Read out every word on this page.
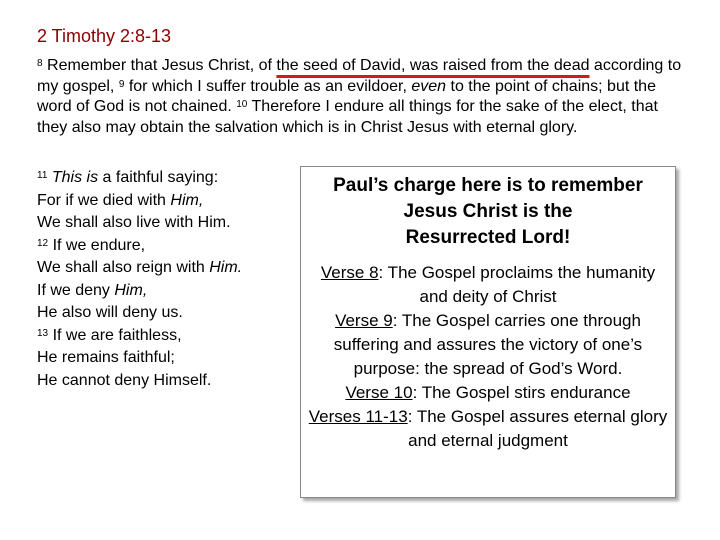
2 Timothy 2:8-13
$^8$ Remember that Jesus Christ, of the seed of David, was raised from the dead according to my gospel, $^9$ for which I suffer trouble as an evildoer, even to the point of chains; but the word of God is not chained. $^{10}$ Therefore I endure all things for the sake of the elect, that they also may obtain the salvation which is in Christ Jesus with eternal glory.
$^{11}$ This is a faithful saying:
For if we died with Him,
We shall also live with Him.
$^{12}$ If we endure,
We shall also reign with Him.
If we deny Him,
He also will deny us.
$^{13}$ If we are faithless,
He remains faithful;
He cannot deny Himself.
Paul’s charge here is to remember
Jesus Christ is the
Resurrected Lord!
Verse 8: The Gospel proclaims the humanity and deity of Christ
Verse 9: The Gospel carries one through suffering and assures the victory of one’s purpose: the spread of God’s Word.
Verse 10: The Gospel stirs endurance
Verses 11-13: The Gospel assures eternal glory and eternal judgment
